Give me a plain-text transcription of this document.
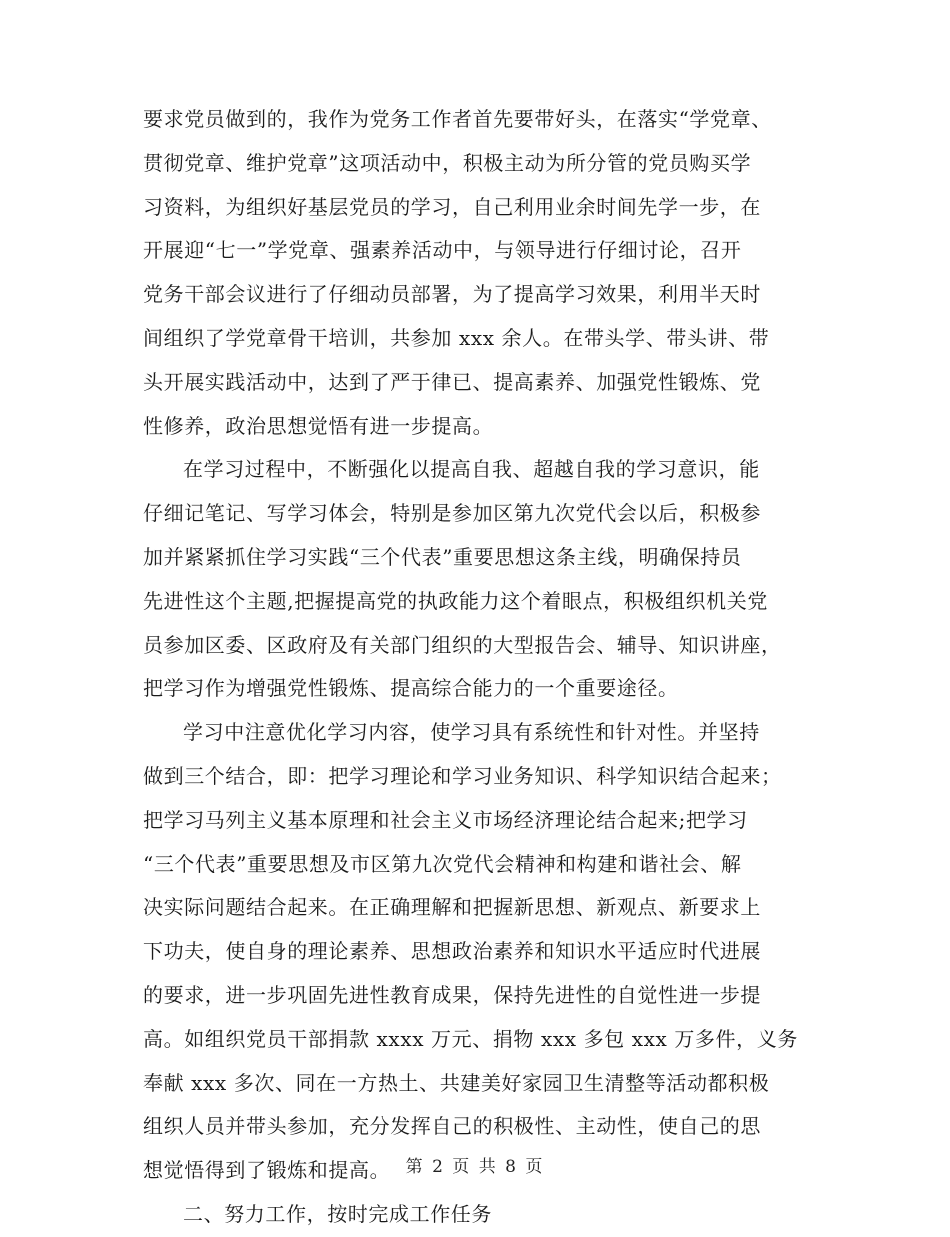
要求党员做到的，我作为党务工作者首先要带好头，在落实“学党章、
贯彻党章、维护党章”这项活动中，积极主动为所分管的党员购买学
习资料，为组织好基层党员的学习，自己利用业余时间先学一步，在
开展迎“七一”学党章、强素养活动中，与领导进行仔细讨论，召开
党务干部会议进行了仔细动员部署，为了提高学习效果，利用半天时
间组织了学党章骨干培训，共参加 xxx 余人。在带头学、带头讲、带
头开展实践活动中，达到了严于律已、提高素养、加强党性锻炼、党
性修养，政治思想觉悟有进一步提高。
在学习过程中，不断强化以提高自我、超越自我的学习意识，能
仔细记笔记、写学习体会，特别是参加区第九次党代会以后，积极参
加并紧紧抓住学习实践“三个代表”重要思想这条主线，明确保持员
先进性这个主题,把握提高党的执政能力这个着眼点，积极组织机关党
员参加区委、区政府及有关部门组织的大型报告会、辅导、知识讲座，
把学习作为增强党性锻炼、提高综合能力的一个重要途径。
学习中注意优化学习内容，使学习具有系统性和针对性。并坚持
做到三个结合，即：把学习理论和学习业务知识、科学知识结合起来；
把学习马列主义基本原理和社会主义市场经济理论结合起来;把学习
“三个代表”重要思想及市区第九次党代会精神和构建和谐社会、解
决实际问题结合起来。在正确理解和把握新思想、新观点、新要求上
下功夫，使自身的理论素养、思想政治素养和知识水平适应时代进展
的要求，进一步巩固先进性教育成果，保持先进性的自觉性进一步提
高。如组织党员干部捐款 xxxx 万元、捐物 xxx 多包 xxx 万多件，义务
奉献 xxx 多次、同在一方热土、共建美好家园卫生清整等活动都积极
组织人员并带头参加，充分发挥自己的积极性、主动性，使自己的思
想觉悟得到了锻炼和提高。
二、努力工作，按时完成工作任务
第 2 页 共 8 页
